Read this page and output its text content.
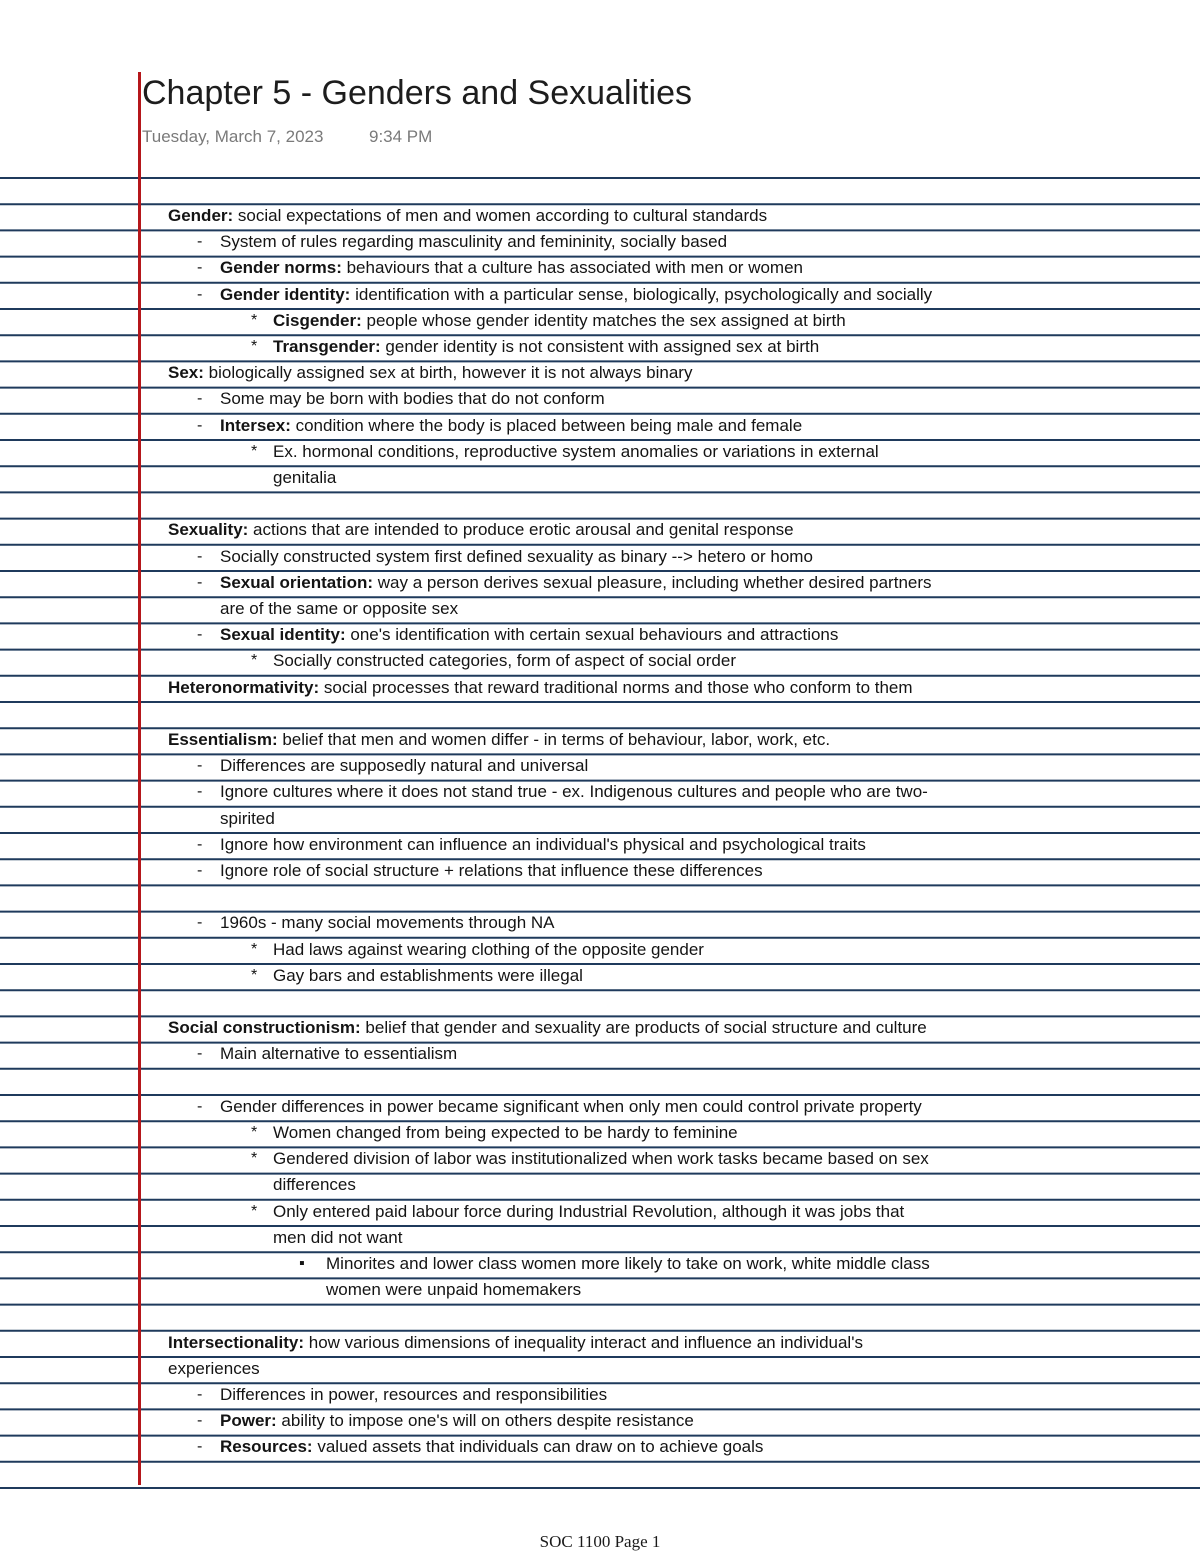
Chapter 5 - Genders and Sexualities
Tuesday, March 7, 2023	9:34 PM
Gender: social expectations of men and women according to cultural standards
- System of rules regarding masculinity and femininity, socially based
- Gender norms: behaviours that a culture has associated with men or women
- Gender identity: identification with a particular sense, biologically, psychologically and socially
* Cisgender: people whose gender identity matches the sex assigned at birth
* Transgender: gender identity is not consistent with assigned sex at birth
Sex: biologically assigned sex at birth, however it is not always binary
- Some may be born with bodies that do not conform
- Intersex: condition where the body is placed between being male and female
* Ex. hormonal conditions, reproductive system anomalies or variations in external
genitalia
Sexuality: actions that are intended to produce erotic arousal and genital response
- Socially constructed system first defined sexuality as binary --> hetero or homo
- Sexual orientation: way a person derives sexual pleasure, including whether desired partners
are of the same or opposite sex
- Sexual identity: one's identification with certain sexual behaviours and attractions
* Socially constructed categories, form of aspect of social order
Heteronormativity: social processes that reward traditional norms and those who conform to them
Essentialism: belief that men and women differ - in terms of behaviour, labor, work, etc.
- Differences are supposedly natural and universal
- Ignore cultures where it does not stand true - ex. Indigenous cultures and people who are two-
spirited
- Ignore how environment can influence an individual's physical and psychological traits
- Ignore role of social structure + relations that influence these differences
- 1960s - many social movements through NA
* Had laws against wearing clothing of the opposite gender
* Gay bars and establishments were illegal
Social constructionism: belief that gender and sexuality are products of social structure and culture
- Main alternative to essentialism
- Gender differences in power became significant when only men could control private property
* Women changed from being expected to be hardy to feminine
* Gendered division of labor was institutionalized when work tasks became based on sex
differences
* Only entered paid labour force during Industrial Revolution, although it was jobs that
men did not want
▪ Minorites and lower class women more likely to take on work, white middle class
women were unpaid homemakers
Intersectionality: how various dimensions of inequality interact and influence an individual's
experiences
- Differences in power, resources and responsibilities
- Power: ability to impose one's will on others despite resistance
- Resources: valued assets that individuals can draw on to achieve goals
SOC 1100 Page 1
